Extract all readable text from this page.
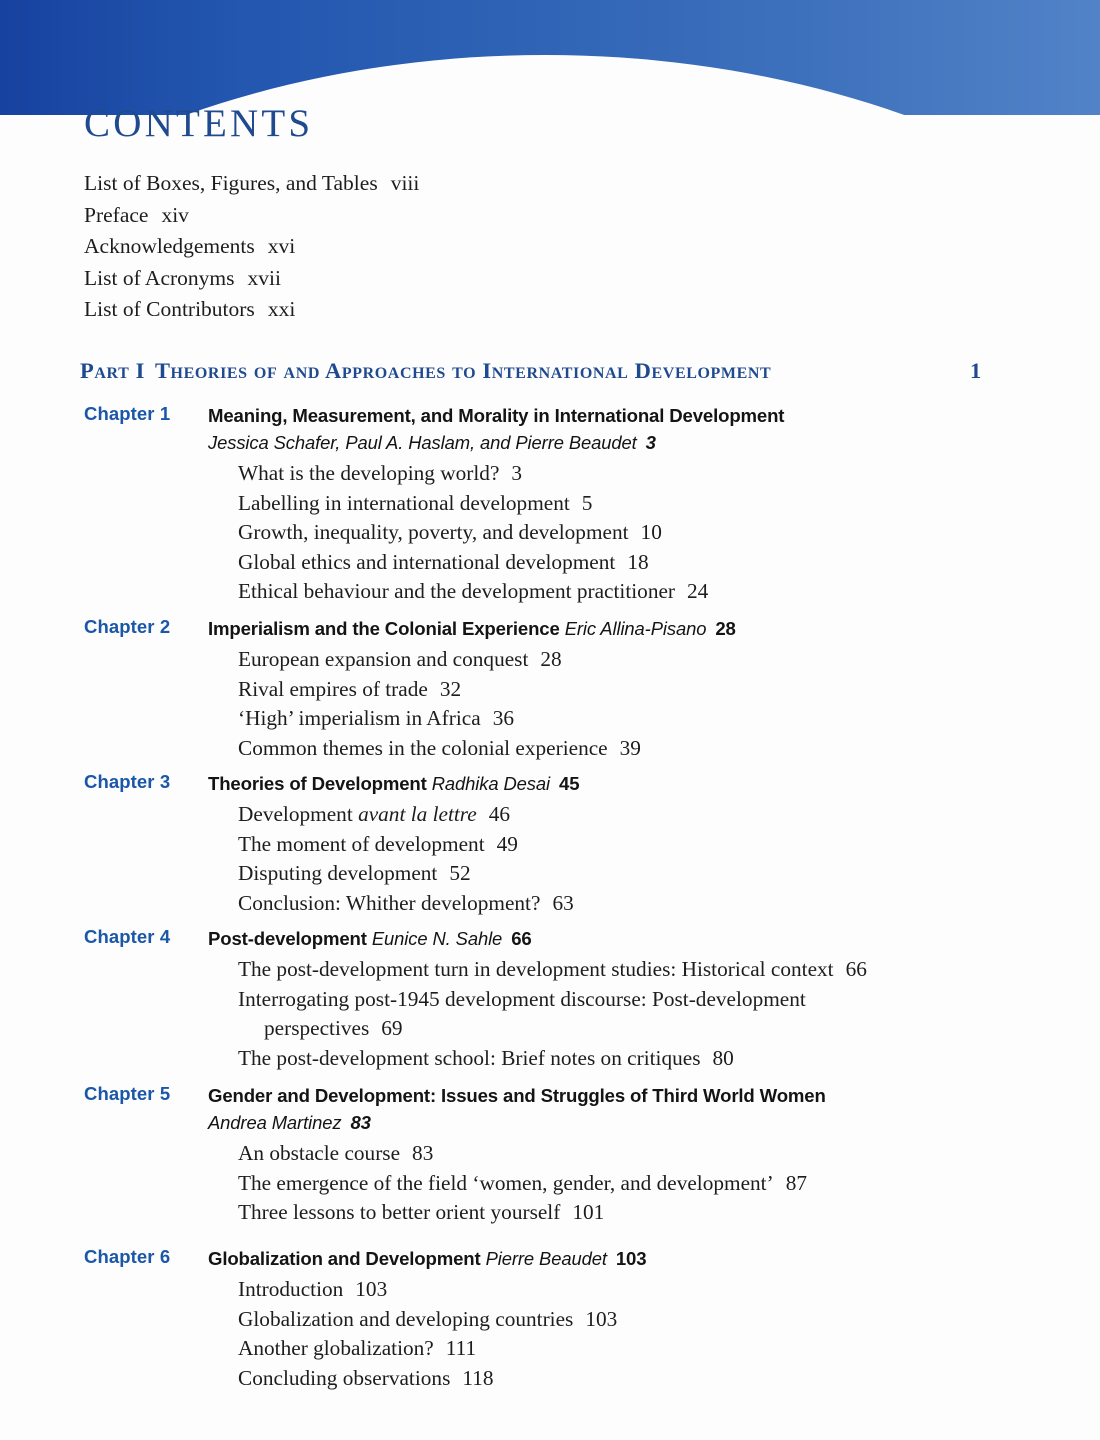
CONTENTS
List of Boxes, Figures, and Tables viii
Preface xiv
Acknowledgements xvi
List of Acronyms xvii
List of Contributors xxi
Part I Theories of and Approaches to International Development	1
Chapter 1	Meaning, Measurement, and Morality in International Development
Jessica Schafer, Paul A. Haslam, and Pierre Beaudet 3
What is the developing world? 3
Labelling in international development 5
Growth, inequality, poverty, and development 10
Global ethics and international development 18
Ethical behaviour and the development practitioner 24
Chapter 2	Imperialism and the Colonial Experience Eric Allina-Pisano 28
European expansion and conquest 28
Rival empires of trade 32
‘High’ imperialism in Africa 36
Common themes in the colonial experience 39
Chapter 3	Theories of Development Radhika Desai 45
Development avant la lettre 46
The moment of development 49
Disputing development 52
Conclusion: Whither development? 63
Chapter 4	Post-development Eunice N. Sahle 66
The post-development turn in development studies: Historical context 66
Interrogating post-1945 development discourse: Post-development perspectives 69
The post-development school: Brief notes on critiques 80
Chapter 5	Gender and Development: Issues and Struggles of Third World Women
Andrea Martinez 83
An obstacle course 83
The emergence of the field ‘women, gender, and development’ 87
Three lessons to better orient yourself 101
Chapter 6	Globalization and Development Pierre Beaudet 103
Introduction 103
Globalization and developing countries 103
Another globalization? 111
Concluding observations 118
